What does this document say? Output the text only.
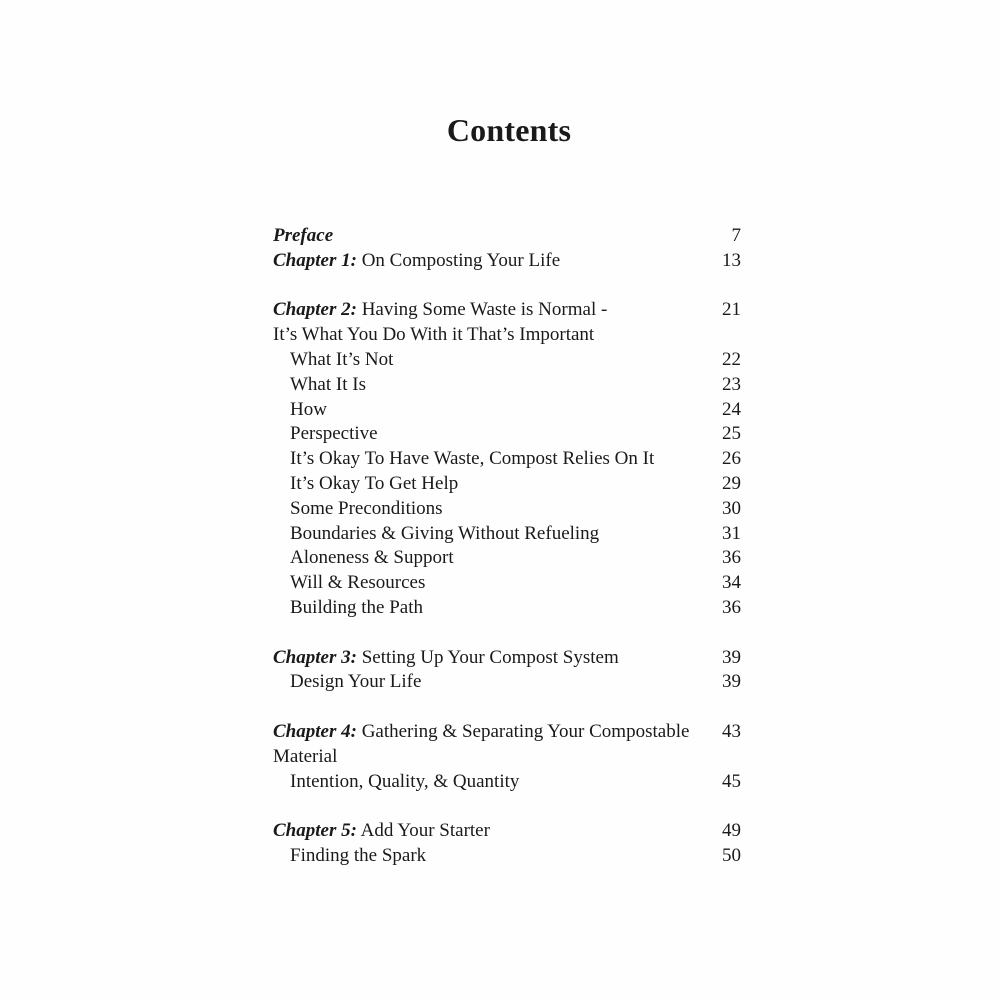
Contents
Preface	7
Chapter 1: On Composting Your Life	13
Chapter 2: Having Some Waste is Normal -	21
It’s What You Do With it That’s Important
What It’s Not	22
What It Is	23
How	24
Perspective	25
It’s Okay To Have Waste, Compost Relies On It	26
It’s Okay To Get Help	29
Some Preconditions	30
Boundaries & Giving Without Refueling	31
Aloneness & Support	36
Will & Resources	34
Building the Path	36
Chapter 3: Setting Up Your Compost System	39
Design Your Life	39
Chapter 4: Gathering & Separating Your Compostable 43
Material
Intention, Quality, & Quantity	45
Chapter 5: Add Your Starter	49
Finding the Spark	50
